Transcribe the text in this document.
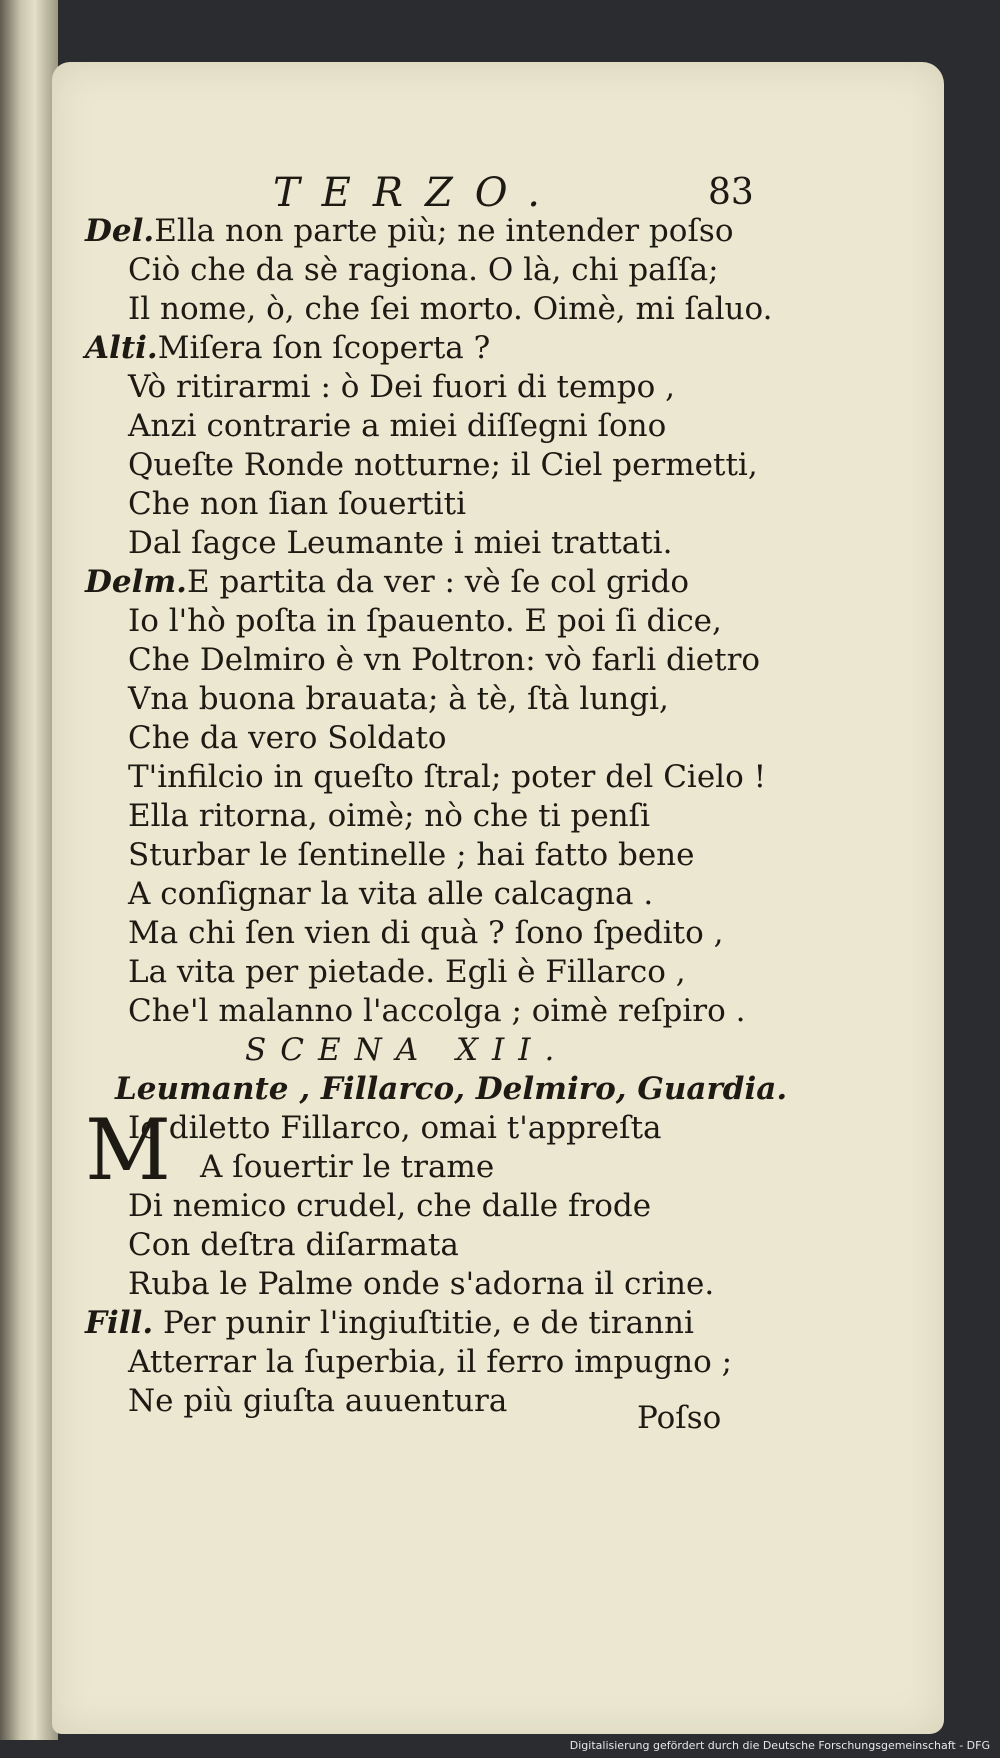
TERZO.	83
Del.Ella non parte più; ne intender poſso
Ciò che da sè ragiona. O là, chi paſſa;
Il nome, ò, che ſei morto. Oimè, mi ſaluo.
Alti.Miſera ſon ſcoperta ?
Vò ritirarmi : ò Dei fuori di tempo ,
Anzi contrarie a miei diſſegni ſono
Queſte Ronde notturne; il Ciel permetti,
Che non ſian ſouertiti
Dal ſagce Leumante i miei trattati.
Delm.E partita da ver : vè ſe col grido
Io l'hò poſta in ſpauento. E poi ſi dice,
Che Delmiro è vn Poltron: vò farli dietro
Vna buona brauata; à tè, ſtà lungi,
Che da vero Soldato
T'infilcio in queſto ſtral; poter del Cielo !
Ella ritorna, oimè; nò che ti penſi
Sturbar le ſentinelle ; hai fatto bene
A conſignar la vita alle calcagna .
Ma chi ſen vien di quà ? ſono ſpedito ,
La vita per pietade. Egli è Fillarco ,
Che'l malanno l'accolga ; oimè reſpiro .
SCENA XII.
Leumante , Fillarco, Delmiro, Guardia.
M
Io diletto Fillarco, omai t'appreſta
A ſouertir le trame
Di nemico crudel, che dalle frode
Con deſtra diſarmata
Ruba le Palme onde s'adorna il crine.
Fill. Per punir l'ingiuſtitie, e de tiranni
Atterrar la ſuperbia, il ferro impugno ;
Ne più giuſta auuentura	Poſso
Digitalisierung gefördert durch die Deutsche Forschungsgemeinschaft - DFG
